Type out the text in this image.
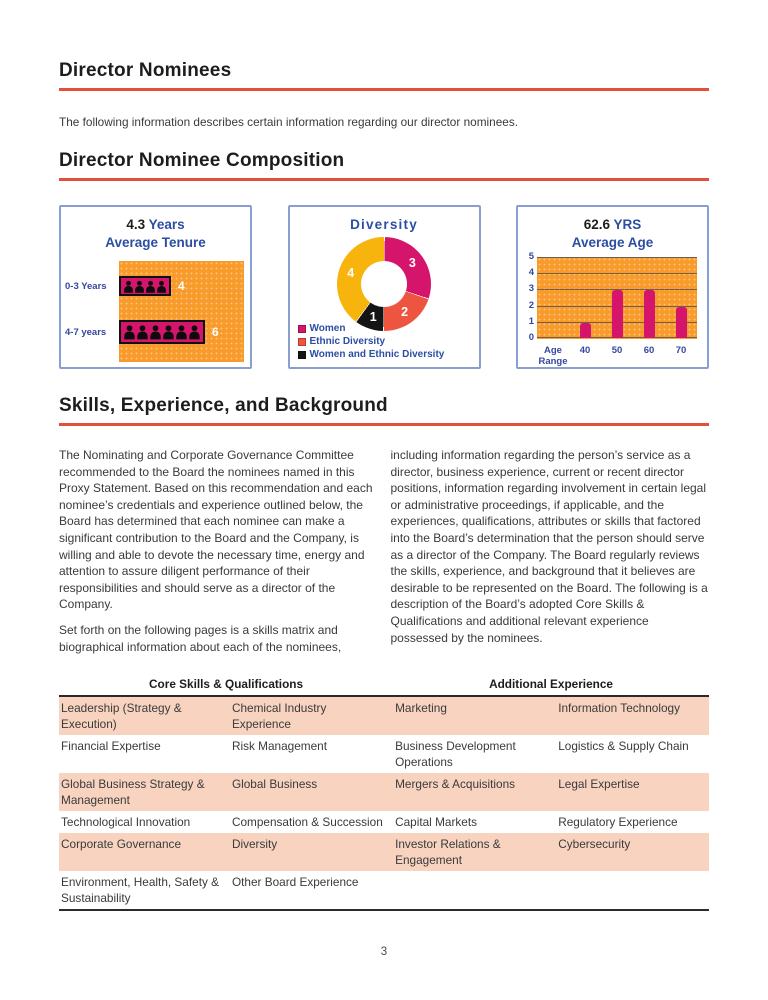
Director Nominees

The following information describes certain information regarding our director nominees.

Director Nominee Composition
4.3 Years
Average Tenure
0-3 Years	4
4-7 years	6
Diversity
3
2
1
4
Women
Ethnic Diversity
Women and Ethnic Diversity
62.6 YRS
Average Age
0
1
2
3
4
5
Age Range
40	50	60	70
Skills, Experience, and Background

The Nominating and Corporate Governance Committee recommended to the Board the nominees named in this Proxy Statement. Based on this recommendation and each nominee’s credentials and experience outlined below, the Board has determined that each nominee can make a significant contribution to the Board and the Company, is willing and able to devote the necessary time, energy and attention to assure diligent performance of their responsibilities and should serve as a director of the Company.

Set forth on the following pages is a skills matrix and biographical information about each of the nominees,

including information regarding the person’s service as a director, business experience, current or recent director positions, information regarding involvement in certain legal or administrative proceedings, if applicable, and the experiences, qualifications, attributes or skills that factored into the Board’s determination that the person should serve as a director of the Company. The Board regularly reviews the skills, experience, and background that it believes are desirable to be represented on the Board. The following is a description of the Board’s adopted Core Skills & Qualifications and additional relevant experience possessed by the nominees.

Core Skills & Qualifications		Additional Experience	
Leadership (Strategy & Execution)	Chemical Industry Experience	Marketing	Information Technology
Financial Expertise	Risk Management	Business Development Operations	Logistics & Supply Chain
Global Business Strategy & Management	Global Business	Mergers & Acquisitions	Legal Expertise
Technological Innovation	Compensation & Succession	Capital Markets	Regulatory Experience
Corporate Governance	Diversity	Investor Relations & Engagement	Cybersecurity
Environment, Health, Safety & Sustainability	Other Board Experience		
3
